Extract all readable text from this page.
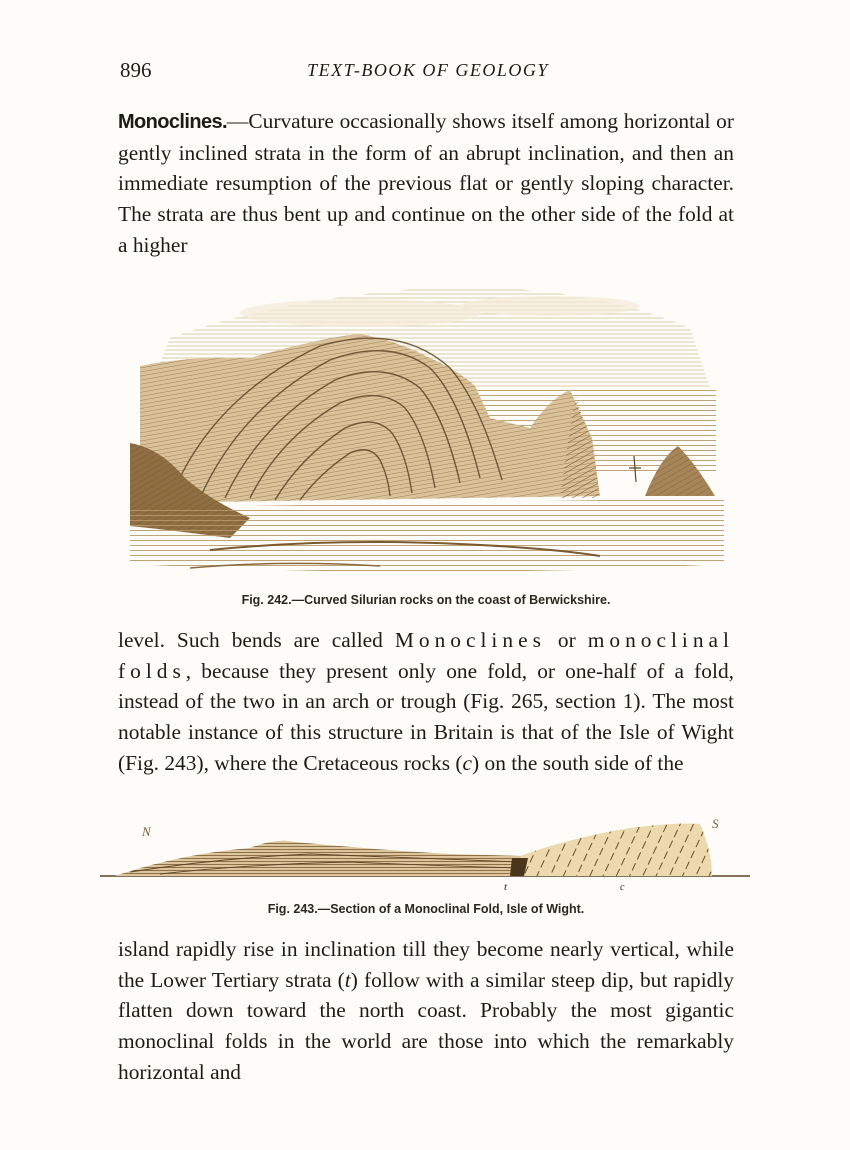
896	TEXT-BOOK OF GEOLOGY

Monoclines.—Curvature occasionally shows itself among horizontal or gently inclined strata in the form of an abrupt inclination, and then an immediate resumption of the previous flat or gently sloping character. The strata are thus bent up and continue on the other side of the fold at a higher

Fig. 242.—Curved Silurian rocks on the coast of Berwickshire.

level. Such bends are called Monoclines or monoclinal folds, because they present only one fold, or one-half of a fold, instead of the two in an arch or trough (Fig. 265, section 1). The most notable instance of this structure in Britain is that of the Isle of Wight (Fig. 243), where the Cretaceous rocks (c) on the south side of the

N
S
t	c
Fig. 243.—Section of a Monoclinal Fold, Isle of Wight.

island rapidly rise in inclination till they become nearly vertical, while the Lower Tertiary strata (t) follow with a similar steep dip, but rapidly flatten down toward the north coast. Probably the most gigantic monoclinal folds in the world are those into which the remarkably horizontal and
